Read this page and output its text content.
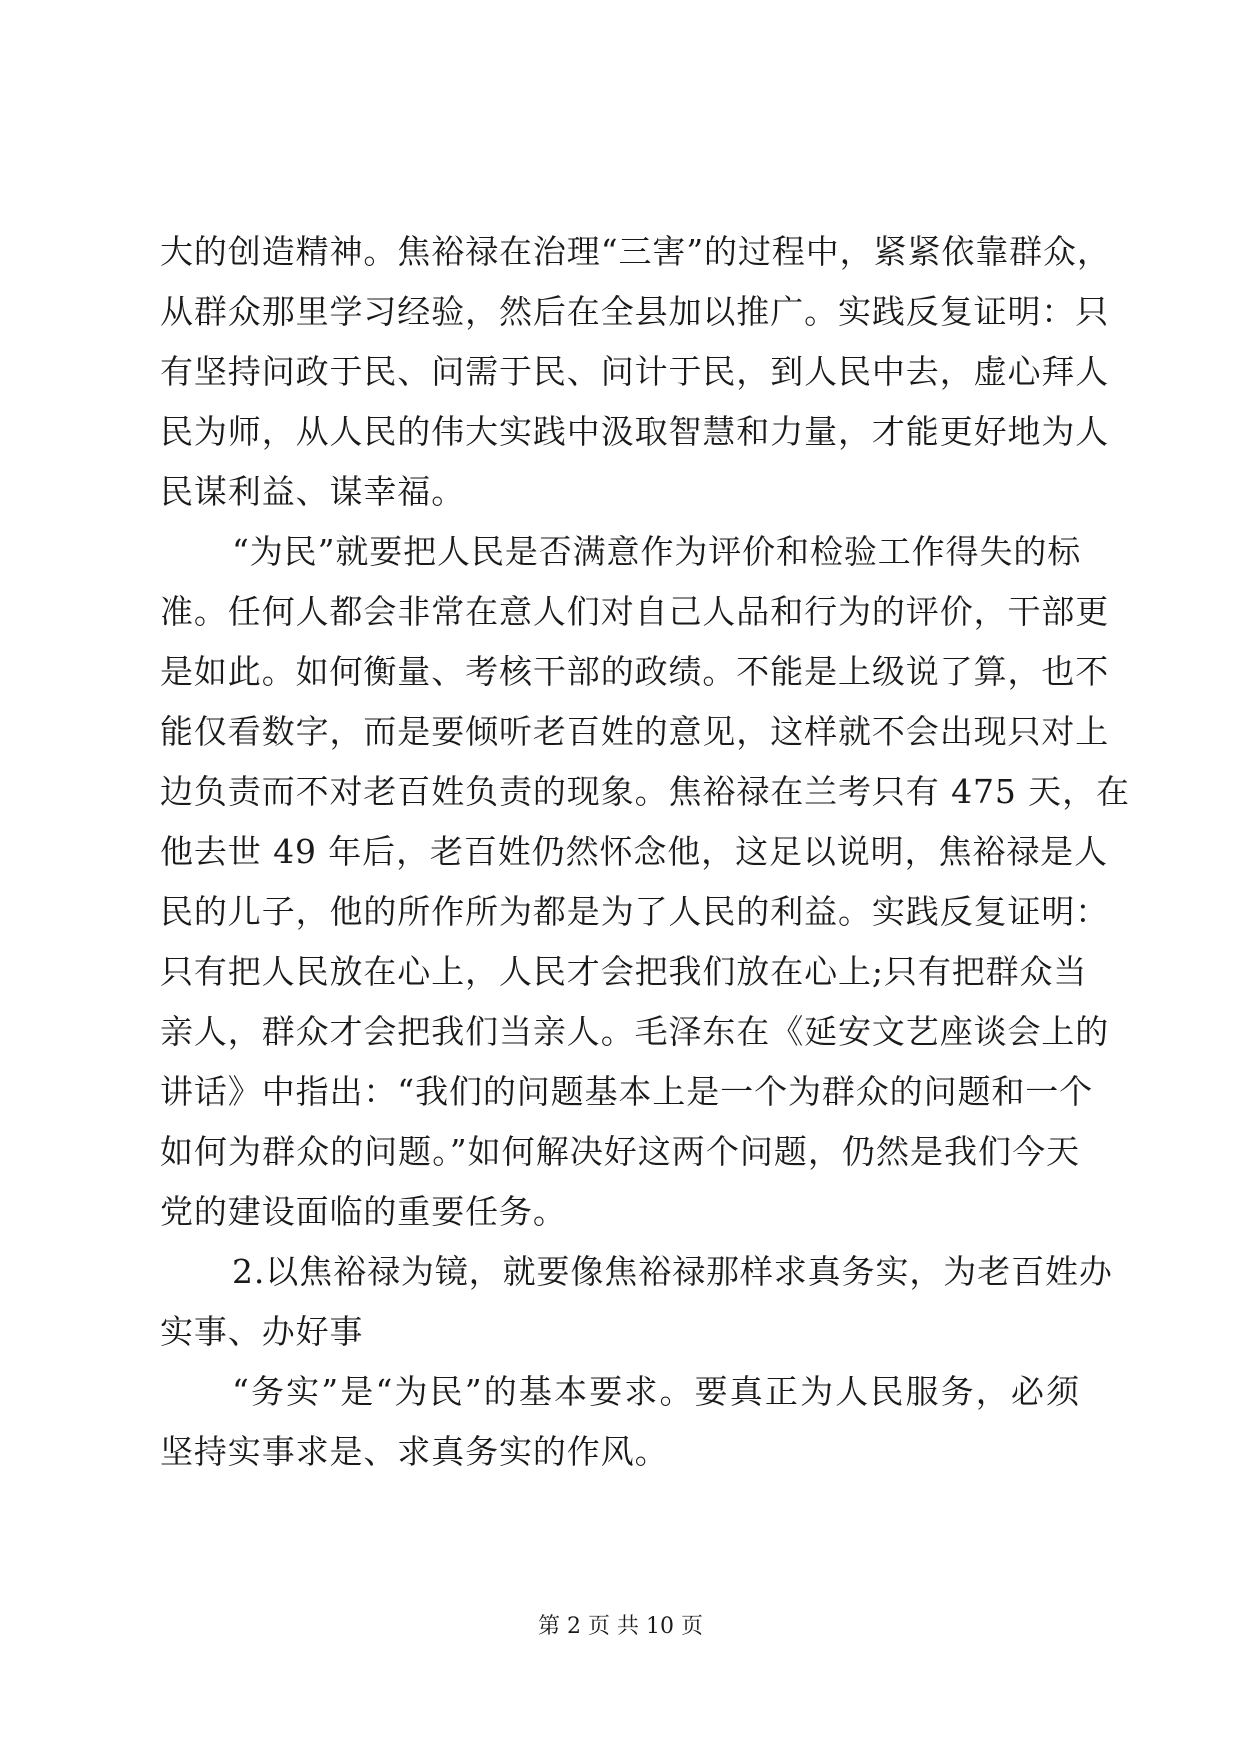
大的创造精神。焦裕禄在治理“三害”的过程中，紧紧依靠群众，
从群众那里学习经验，然后在全县加以推广。实践反复证明：只
有坚持问政于民、问需于民、问计于民，到人民中去，虚心拜人
民为师，从人民的伟大实践中汲取智慧和力量，才能更好地为人
民谋利益、谋幸福。
“为民”就要把人民是否满意作为评价和检验工作得失的标
准。任何人都会非常在意人们对自己人品和行为的评价，干部更
是如此。如何衡量、考核干部的政绩。不能是上级说了算，也不
能仅看数字，而是要倾听老百姓的意见，这样就不会出现只对上
边负责而不对老百姓负责的现象。焦裕禄在兰考只有 475 天，在
他去世 49 年后，老百姓仍然怀念他，这足以说明，焦裕禄是人
民的儿子，他的所作所为都是为了人民的利益。实践反复证明：
只有把人民放在心上，人民才会把我们放在心上;只有把群众当
亲人，群众才会把我们当亲人。毛泽东在《延安文艺座谈会上的
讲话》中指出：“我们的问题基本上是一个为群众的问题和一个
如何为群众的问题。”如何解决好这两个问题，仍然是我们今天
党的建设面临的重要任务。
2.以焦裕禄为镜，就要像焦裕禄那样求真务实，为老百姓办
实事、办好事
“务实”是“为民”的基本要求。要真正为人民服务，必须
坚持实事求是、求真务实的作风。
第 2 页 共 10 页
